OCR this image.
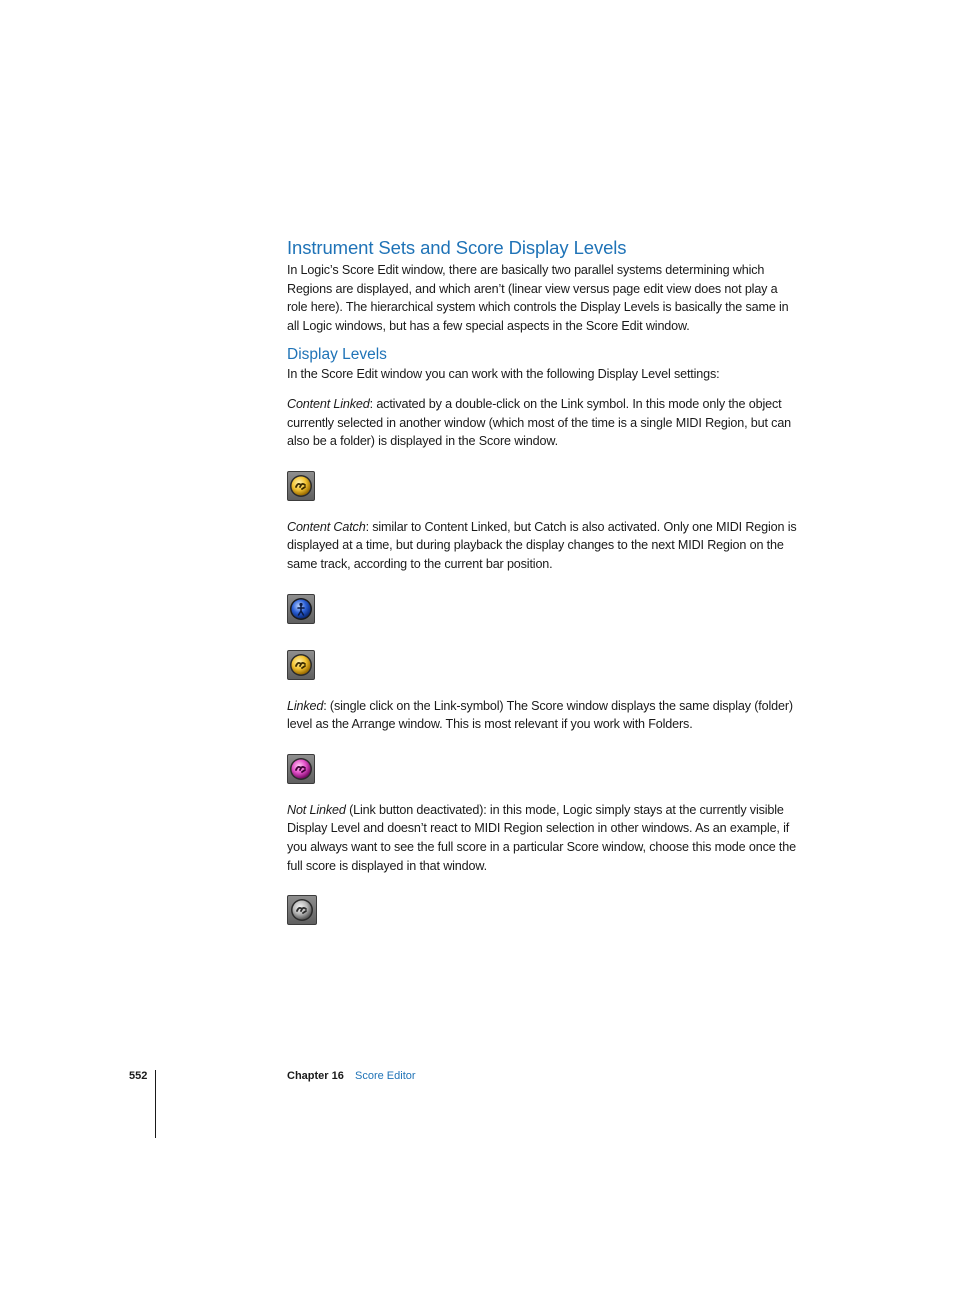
Instrument Sets and Score Display Levels

In Logic’s Score Edit window, there are basically two parallel systems determining which Regions are displayed, and which aren’t (linear view versus page edit view does not play a role here). The hierarchical system which controls the Display Levels is basically the same in all Logic windows, but has a few special aspects in the Score Edit window.

Display Levels

In the Score Edit window you can work with the following Display Level settings:

Content Linked: activated by a double-click on the Link symbol. In this mode only the object currently selected in another window (which most of the time is a single MIDI Region, but can also be a folder) is displayed in the Score window.

Content Catch: similar to Content Linked, but Catch is also activated. Only one MIDI Region is displayed at a time, but during playback the display changes to the next MIDI Region on the same track, according to the current bar position.

Linked: (single click on the Link-symbol) The Score window displays the same display (folder) level as the Arrange window. This is most relevant if you work with Folders.

Not Linked (Link button deactivated): in this mode, Logic simply stays at the currently visible Display Level and doesn’t react to MIDI Region selection in other windows. As an example, if you always want to see the full score in a particular Score window, choose this mode once the full score is displayed in that window.

552	Chapter 16 Score Editor
